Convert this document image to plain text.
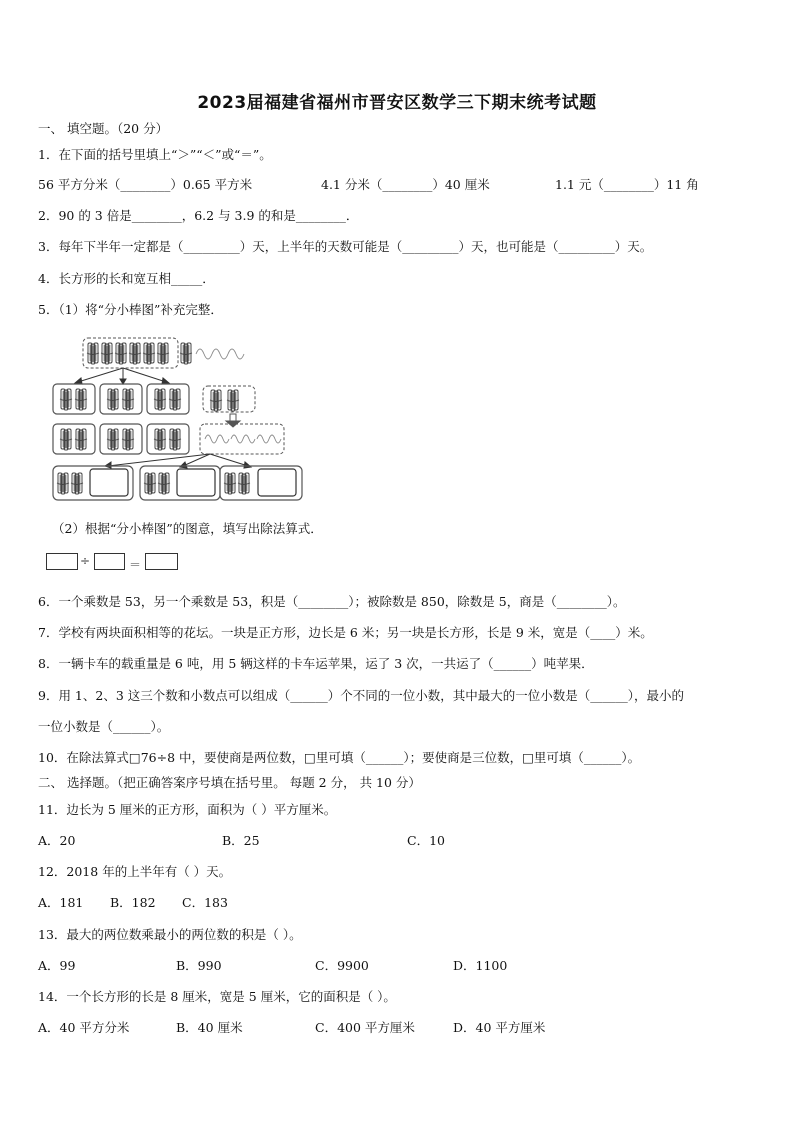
2023届福建省福州市晋安区数学三下期末统考试题
一、 填空题。（20 分）
1．在下面的括号里填上“＞”“＜”或“＝”。
56 平方分米（________）0.65 平方米	4.1 分米（________）40 厘米	1.1 元（________）11 角
2．90 的 3 倍是________，6.2 与 3.9 的和是________．
3．每年下半年一定都是（_________）天，上半年的天数可能是（_________）天，也可能是（_________）天。
4．长方形的长和宽互相_____．
5．（1）将“分小棒图”补充完整．
（2）根据“分小棒图”的图意，填写出除法算式．
÷	＝
6．一个乘数是 53，另一个乘数是 53，积是（________）；被除数是 850，除数是 5，商是（________）。
7．学校有两块面积相等的花坛。一块是正方形，边长是 6 米；另一块是长方形，长是 9 米，宽是（____）米。
8．一辆卡车的载重量是 6 吨，用 5 辆这样的卡车运苹果，运了 3 次，一共运了（______）吨苹果．
9．用 1、2、3 这三个数和小数点可以组成（______）个不同的一位小数，其中最大的一位小数是（______），最小的
一位小数是（______）。
10．在除法算式□76÷8 中，要使商是两位数，□里可填（______）；要使商是三位数，□里可填（______）。
二、 选择题。（把正确答案序号填在括号里。 每题 2 分， 共 10 分）
11．边长为 5 厘米的正方形，面积为（ ）平方厘米。
A．20	B．25	C．10
12．2018 年的上半年有（ ）天。
A．181 B．182 C．183
13．最大的两位数乘最小的两位数的积是（ ）。
A．99	B．990	C．9900	D．1100
14．一个长方形的长是 8 厘米，宽是 5 厘米，它的面积是（ ）。
A．40 平方分米	B．40 厘米	C．400 平方厘米	D．40 平方厘米
